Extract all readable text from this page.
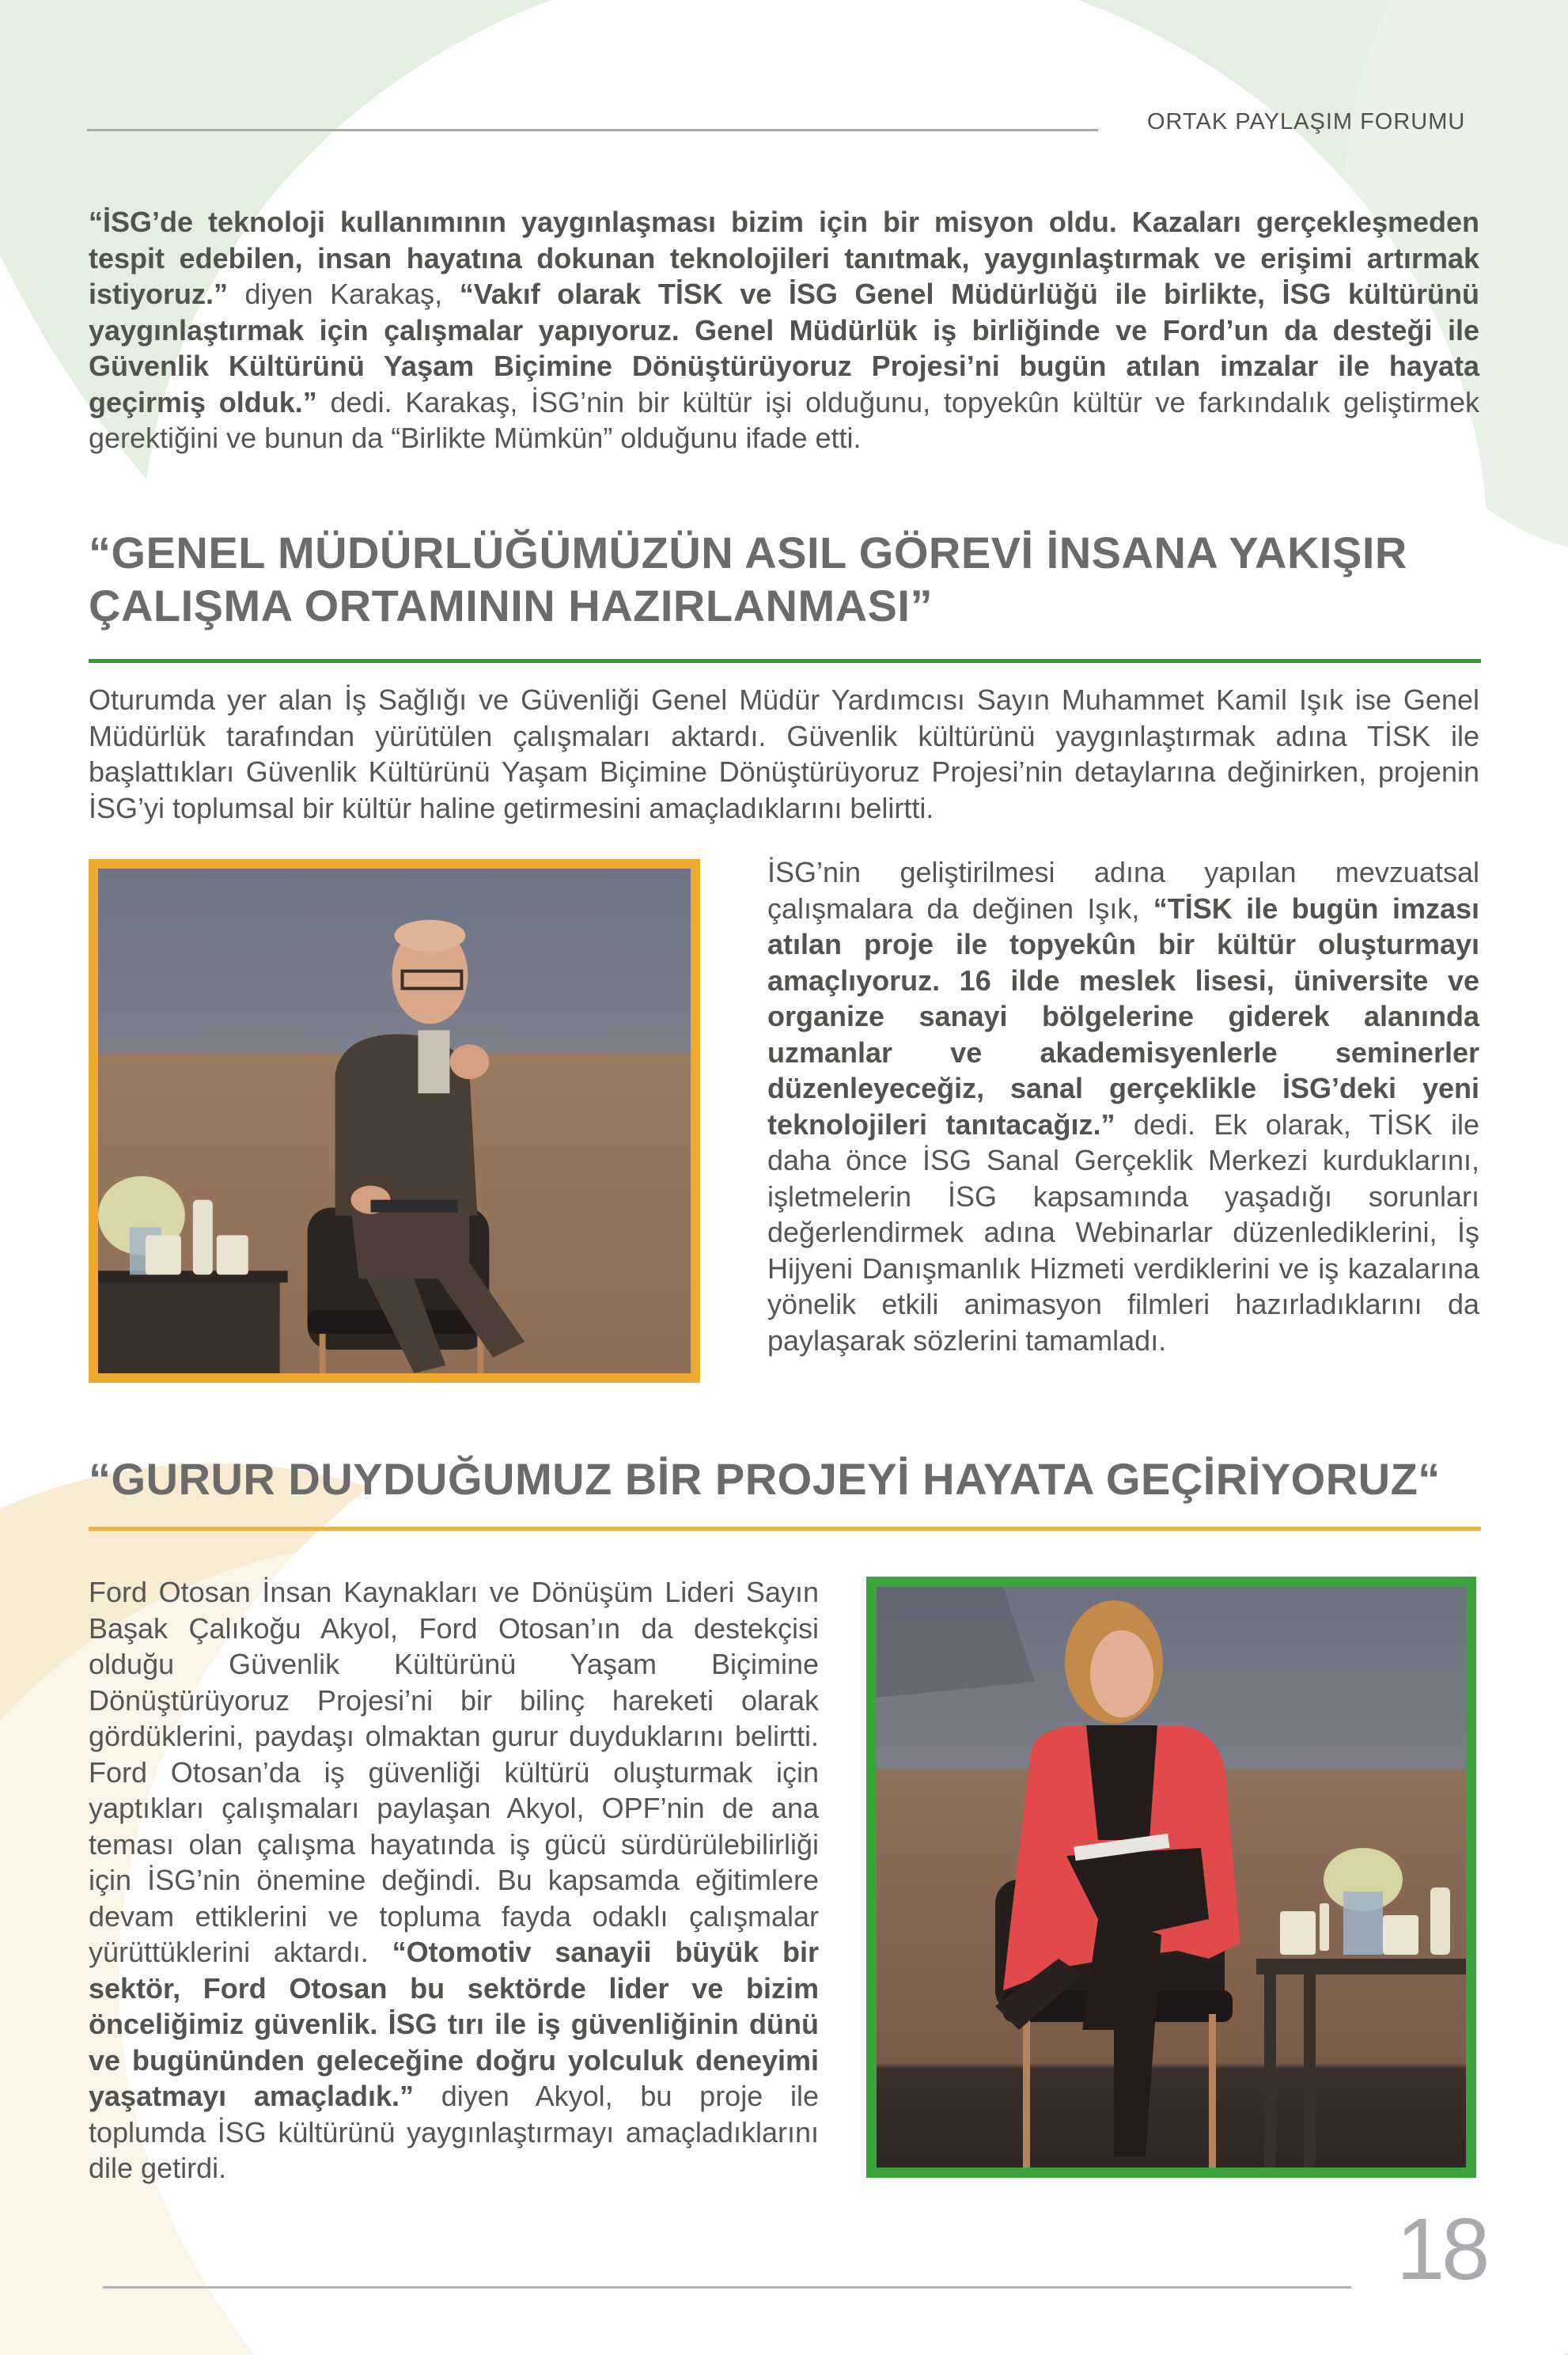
ORTAK PAYLAŞIM FORUMU
“İSG’de teknoloji kullanımının yaygınlaşması bizim için bir misyon oldu. Kazaları gerçekleşmeden tespit edebilen, insan hayatına dokunan teknolojileri tanıtmak, yaygınlaştırmak ve erişimi artırmak istiyoruz.” diyen Karakaş, “Vakıf olarak TİSK ve İSG Genel Müdürlüğü ile birlikte, İSG kültürünü yaygınlaştırmak için çalışmalar yapıyoruz. Genel Müdürlük iş birliğinde ve Ford’un da desteği ile Güvenlik Kültürünü Yaşam Biçimine Dönüştürüyoruz Projesi’ni bugün atılan imzalar ile hayata geçirmiş olduk.” dedi. Karakaş, İSG’nin bir kültür işi olduğunu, topyekûn kültür ve farkındalık geliştirmek gerektiğini ve bunun da “Birlikte Mümkün” olduğunu ifade etti.
“GENEL MÜDÜRLÜĞÜMÜZÜN ASIL GÖREVİ İNSANA YAKIŞIR
ÇALIŞMA ORTAMININ HAZIRLANMASI”
Oturumda yer alan İş Sağlığı ve Güvenliği Genel Müdür Yardımcısı Sayın Muhammet Kamil Işık ise Genel Müdürlük tarafından yürütülen çalışmaları aktardı. Güvenlik kültürünü yaygınlaştırmak adına TİSK ile başlattıkları Güvenlik Kültürünü Yaşam Biçimine Dönüştürüyoruz Projesi’nin detaylarına değinirken, projenin İSG’yi toplumsal bir kültür haline getirmesini amaçladıklarını belirtti.
İSG’nin geliştirilmesi adına yapılan mevzuatsal çalışmalara da değinen Işık, “TİSK ile bugün imzası atılan proje ile topyekûn bir kültür oluşturmayı amaçlıyoruz. 16 ilde meslek lisesi, üniversite ve organize sanayi bölgelerine giderek alanında uzmanlar ve akademisyenlerle seminerler düzenleyeceğiz, sanal gerçeklikle İSG’deki yeni teknolojileri tanıtacağız.” dedi. Ek olarak, TİSK ile daha önce İSG Sanal Gerçeklik Merkezi kurduklarını, işletmelerin İSG kapsamında yaşadığı sorunları değerlendirmek adına Webinarlar düzenlediklerini, İş Hijyeni Danışmanlık Hizmeti verdiklerini ve iş kazalarına yönelik etkili animasyon filmleri hazırladıklarını da paylaşarak sözlerini tamamladı.
“GURUR DUYDUĞUMUZ BİR PROJEYİ HAYATA GEÇİRİYORUZ“
Ford Otosan İnsan Kaynakları ve Dönüşüm Lideri Sayın Başak Çalıkoğu Akyol, Ford Otosan’ın da destekçisi olduğu Güvenlik Kültürünü Yaşam Biçimine Dönüştürüyoruz Projesi’ni bir bilinç hareketi olarak gördüklerini, paydaşı olmaktan gurur duyduklarını belirtti. Ford Otosan’da iş güvenliği kültürü oluşturmak için yaptıkları çalışmaları paylaşan Akyol, OPF’nin de ana teması olan çalışma hayatında iş gücü sürdürülebilirliği için İSG’nin önemine değindi. Bu kapsamda eğitimlere devam ettiklerini ve topluma fayda odaklı çalışmalar yürüttüklerini aktardı. “Otomotiv sanayii büyük bir sektör, Ford Otosan bu sektörde lider ve bizim önceliğimiz güvenlik. İSG tırı ile iş güvenliğinin dünü ve bugününden geleceğine doğru yolculuk deneyimi yaşatmayı amaçladık.” diyen Akyol, bu proje ile toplumda İSG kültürünü yaygınlaştırmayı amaçladıklarını dile getirdi.
18
